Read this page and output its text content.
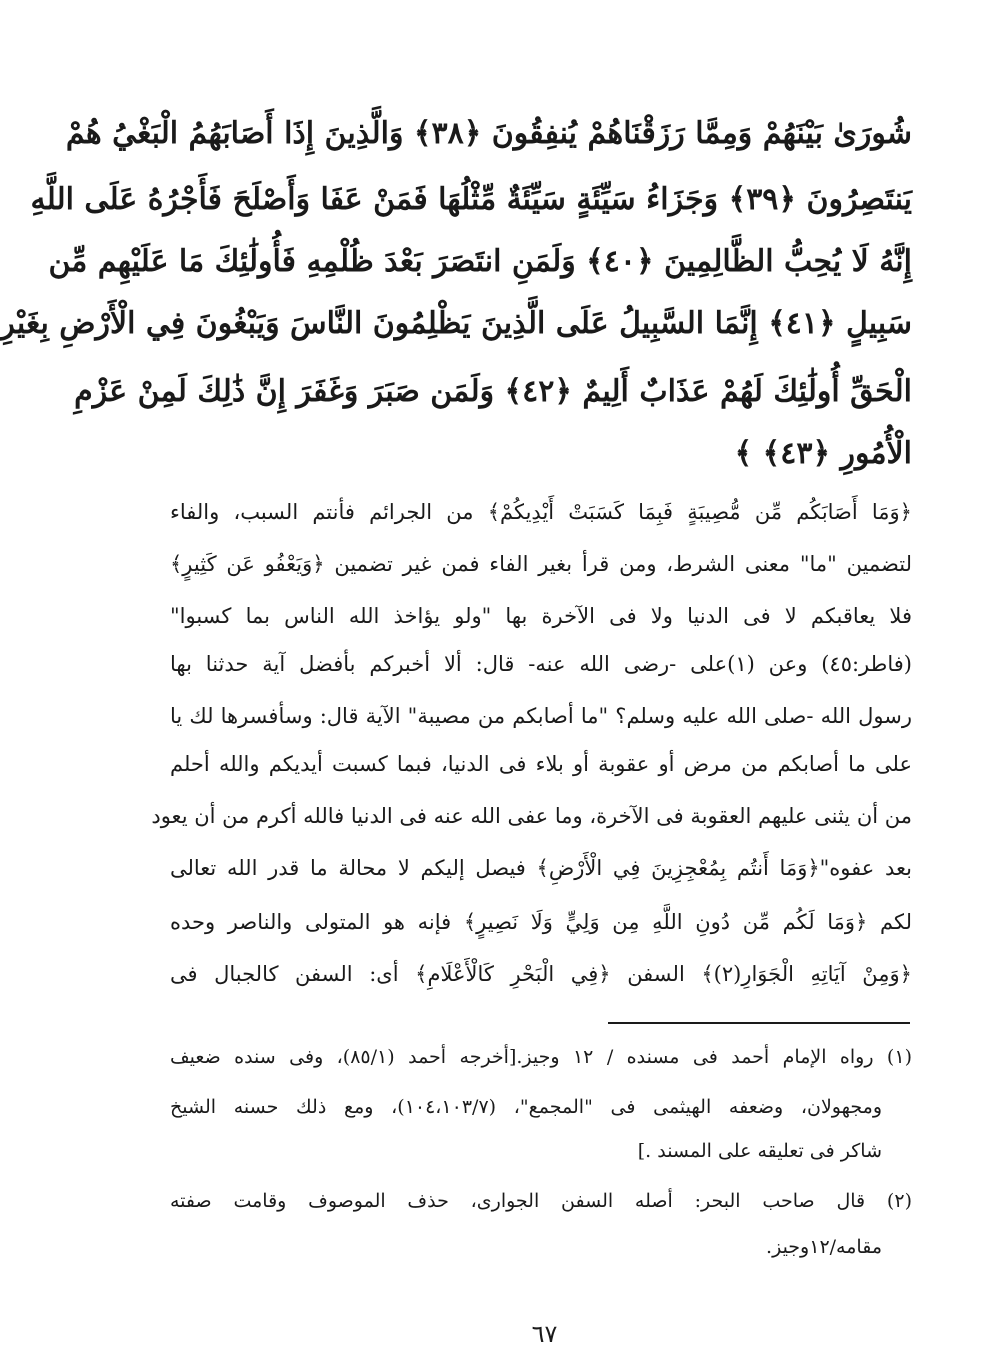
شُورَىٰ بَيْنَهُمْ وَمِمَّا رَزَقْنَاهُمْ يُنفِقُونَ ﴿٣٨﴾ وَالَّذِينَ إِذَا أَصَابَهُمُ الْبَغْيُ هُمْ
يَنتَصِرُونَ ﴿٣٩﴾ وَجَزَاءُ سَيِّئَةٍ سَيِّئَةٌ مِّثْلُهَا فَمَنْ عَفَا وَأَصْلَحَ فَأَجْرُهُ عَلَى اللَّهِ
إِنَّهُ لَا يُحِبُّ الظَّالِمِينَ ﴿٤٠﴾ وَلَمَنِ انتَصَرَ بَعْدَ ظُلْمِهِ فَأُولَٰئِكَ مَا عَلَيْهِم مِّن
سَبِيلٍ ﴿٤١﴾ إِنَّمَا السَّبِيلُ عَلَى الَّذِينَ يَظْلِمُونَ النَّاسَ وَيَبْغُونَ فِي الْأَرْضِ بِغَيْرِ
الْحَقِّ أُولَٰئِكَ لَهُمْ عَذَابٌ أَلِيمٌ ﴿٤٢﴾ وَلَمَن صَبَرَ وَغَفَرَ إِنَّ ذَٰلِكَ لَمِنْ عَزْمِ
الْأُمُورِ ﴿٤٣﴾ ﴾
﴿وَمَا أَصَابَكُم مِّن مُّصِيبَةٍ فَبِمَا كَسَبَتْ أَيْدِيكُمْ﴾ من الجرائم فأنتم السبب، والفاء
لتضمين "ما" معنى الشرط، ومن قرأ بغير الفاء فمن غير تضمين ﴿وَيَعْفُو عَن كَثِيرٍ﴾
فلا يعاقبكم لا فى الدنيا ولا فى الآخرة بها "ولو يؤاخذ الله الناس بما كسبوا"
(فاطر:٤٥) وعن (١)على -رضى الله عنه- قال: ألا أخبركم بأفضل آية حدثنا بها
رسول الله -صلى الله عليه وسلم؟ "ما أصابكم من مصيبة" الآية قال: وسأفسرها لك يا
على ما أصابكم من مرض أو عقوبة أو بلاء فى الدنيا، فبما كسبت أيديكم والله أحلم
من أن يثنى عليهم العقوبة فى الآخرة، وما عفى الله عنه فى الدنيا فالله أكرم من أن يعود
بعد عفوه"﴿وَمَا أَنتُم بِمُعْجِزِينَ فِي الْأَرْضِ﴾ فيصل إليكم لا محالة ما قدر الله تعالى
لكم ﴿وَمَا لَكُم مِّن دُونِ اللَّهِ مِن وَلِيٍّ وَلَا نَصِيرٍ﴾ فإنه هو المتولى والناصر وحده
﴿وَمِنْ آيَاتِهِ الْجَوَارِ(٢)﴾ السفن ﴿فِي الْبَحْرِ كَالْأَعْلَامِ﴾ أى: السفن كالجبال فى
(١) رواه الإمام أحمد فى مسنده / ١٢ وجيز.[أخرجه أحمد (٨٥/١)، وفى سنده ضعيف
ومجهولان، وضعفه الهيثمى فى "المجمع"، (١٠٤،١٠٣/٧)، ومع ذلك حسنه الشيخ
شاكر فى تعليقه على المسند .]
(٢) قال صاحب البحر: أصله السفن الجوارى، حذف الموصوف وقامت صفته
مقامه/١٢وجيز.
٦٧
